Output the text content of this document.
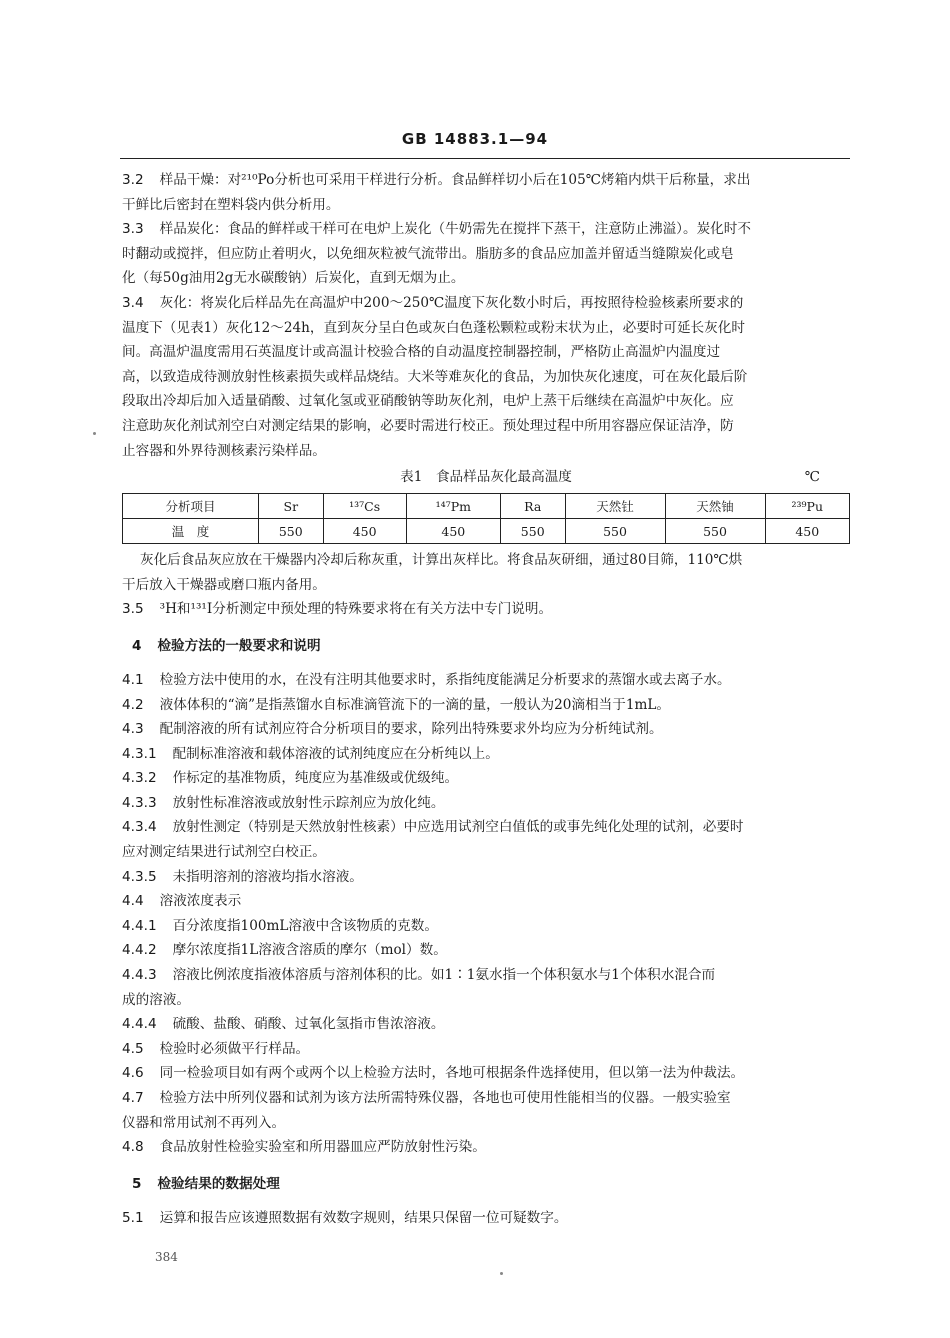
GB 14883.1—94
3.2 样品干燥：对²¹⁰Po分析也可采用干样进行分析。食品鲜样切小后在105℃烤箱内烘干后称量，求出
干鲜比后密封在塑料袋内供分析用。
3.3 样品炭化：食品的鲜样或干样可在电炉上炭化（牛奶需先在搅拌下蒸干，注意防止沸溢）。炭化时不
时翻动或搅拌，但应防止着明火，以免细灰粒被气流带出。脂肪多的食品应加盖并留适当缝隙炭化或皂
化（每50g油用2g无水碳酸钠）后炭化，直到无烟为止。
3.4 灰化：将炭化后样品先在高温炉中200～250℃温度下灰化数小时后，再按照待检验核素所要求的
温度下（见表1）灰化12～24h，直到灰分呈白色或灰白色蓬松颗粒或粉末状为止，必要时可延长灰化时
间。高温炉温度需用石英温度计或高温计校验合格的自动温度控制器控制，严格防止高温炉内温度过
高，以致造成待测放射性核素损失或样品烧结。大米等难灰化的食品，为加快灰化速度，可在灰化最后阶
段取出冷却后加入适量硝酸、过氧化氢或亚硝酸钠等助灰化剂，电炉上蒸干后继续在高温炉中灰化。应
注意助灰化剂试剂空白对测定结果的影响，必要时需进行校正。预处理过程中所用容器应保证洁净，防
止容器和外界待测核素污染样品。
表1　食品样品灰化最高温度	℃
分析项目	Sr	¹³⁷Cs	¹⁴⁷Pm	Ra	天然钍	天然铀	²³⁹Pu
温　度	550	450	450	550	550	550	450
灰化后食品灰应放在干燥器内冷却后称灰重，计算出灰样比。将食品灰研细，通过80目筛，110℃烘
干后放入干燥器或磨口瓶内备用。
3.5 ³H和¹³¹I分析测定中预处理的特殊要求将在有关方法中专门说明。
4 检验方法的一般要求和说明
4.1 检验方法中使用的水，在没有注明其他要求时，系指纯度能满足分析要求的蒸馏水或去离子水。
4.2 液体体积的“滴”是指蒸馏水自标准滴管流下的一滴的量，一般认为20滴相当于1mL。
4.3 配制溶液的所有试剂应符合分析项目的要求，除列出特殊要求外均应为分析纯试剂。
4.3.1 配制标准溶液和载体溶液的试剂纯度应在分析纯以上。
4.3.2 作标定的基准物质，纯度应为基准级或优级纯。
4.3.3 放射性标准溶液或放射性示踪剂应为放化纯。
4.3.4 放射性测定（特别是天然放射性核素）中应选用试剂空白值低的或事先纯化处理的试剂，必要时
应对测定结果进行试剂空白校正。
4.3.5 未指明溶剂的溶液均指水溶液。
4.4 溶液浓度表示
4.4.1 百分浓度指100mL溶液中含该物质的克数。
4.4.2 摩尔浓度指1L溶液含溶质的摩尔（mol）数。
4.4.3 溶液比例浓度指液体溶质与溶剂体积的比。如1∶1氨水指一个体积氨水与1个体积水混合而
成的溶液。
4.4.4 硫酸、盐酸、硝酸、过氧化氢指市售浓溶液。
4.5 检验时必须做平行样品。
4.6 同一检验项目如有两个或两个以上检验方法时，各地可根据条件选择使用，但以第一法为仲裁法。
4.7 检验方法中所列仪器和试剂为该方法所需特殊仪器，各地也可使用性能相当的仪器。一般实验室
仪器和常用试剂不再列入。
4.8 食品放射性检验实验室和所用器皿应严防放射性污染。
5 检验结果的数据处理
5.1 运算和报告应该遵照数据有效数字规则，结果只保留一位可疑数字。
384
